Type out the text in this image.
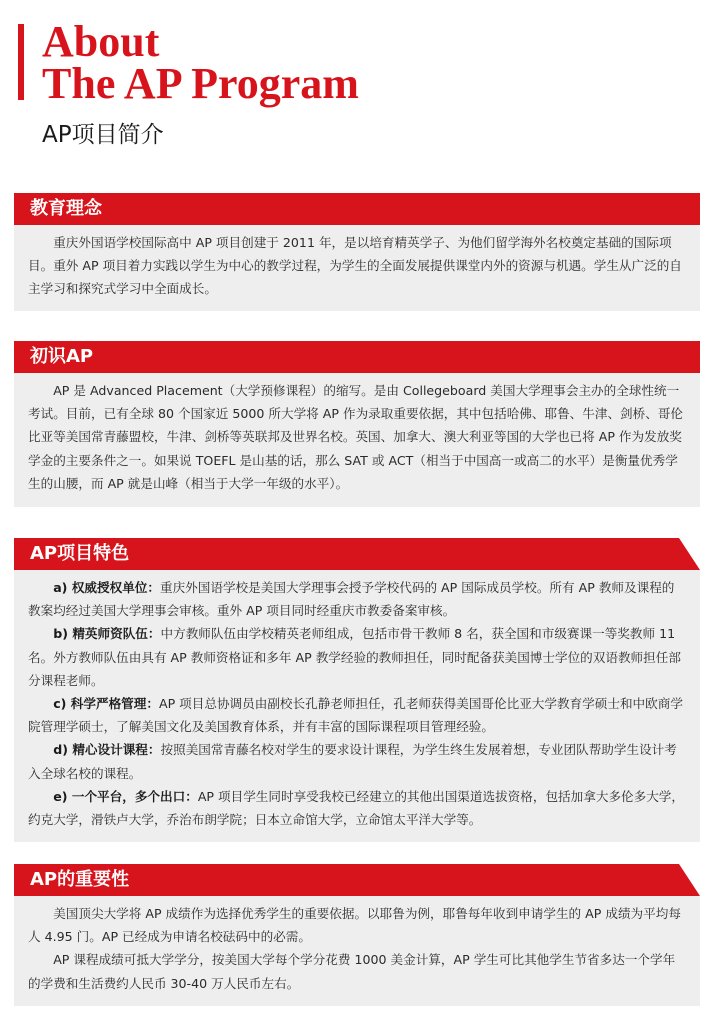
About
The AP Program
AP项目简介
教育理念

重庆外国语学校国际高中 AP 项目创建于 2011 年，是以培育精英学子、为他们留学海外名校奠定基础的国际项目。重外 AP 项目着力实践以学生为中心的教学过程，为学生的全面发展提供课堂内外的资源与机遇。学生从广泛的自主学习和探究式学习中全面成长。

初识AP

AP 是 Advanced Placement（大学预修课程）的缩写。是由 Collegeboard 美国大学理事会主办的全球性统一考试。目前，已有全球 80 个国家近 5000 所大学将 AP 作为录取重要依据，其中包括哈佛、耶鲁、牛津、剑桥、哥伦比亚等美国常青藤盟校，牛津、剑桥等英联邦及世界名校。英国、加拿大、澳大利亚等国的大学也已将 AP 作为发放奖学金的主要条件之一。如果说 TOEFL 是山基的话，那么 SAT 或 ACT（相当于中国高一或高二的水平）是衡量优秀学生的山腰，而 AP 就是山峰（相当于大学一年级的水平）。

AP项目特色

a) 权威授权单位：重庆外国语学校是美国大学理事会授予学校代码的 AP 国际成员学校。所有 AP 教师及课程的教案均经过美国大学理事会审核。重外 AP 项目同时经重庆市教委备案审核。

b) 精英师资队伍：中方教师队伍由学校精英老师组成，包括市骨干教师 8 名，获全国和市级赛课一等奖教师 11 名。外方教师队伍由具有 AP 教师资格证和多年 AP 教学经验的教师担任，同时配备获美国博士学位的双语教师担任部分课程老师。

c) 科学严格管理：AP 项目总协调员由副校长孔静老师担任，孔老师获得美国哥伦比亚大学教育学硕士和中欧商学院管理学硕士，了解美国文化及美国教育体系，并有丰富的国际课程项目管理经验。

d) 精心设计课程：按照美国常青藤名校对学生的要求设计课程，为学生终生发展着想，专业团队帮助学生设计考入全球名校的课程。

e) 一个平台，多个出口：AP 项目学生同时享受我校已经建立的其他出国渠道选拔资格，包括加拿大多伦多大学，约克大学，滑铁卢大学，乔治布朗学院；日本立命馆大学，立命馆太平洋大学等。

AP的重要性

美国顶尖大学将 AP 成绩作为选择优秀学生的重要依据。以耶鲁为例，耶鲁每年收到申请学生的 AP 成绩为平均每人 4.95 门。AP 已经成为申请名校砝码中的必需。

AP 课程成绩可抵大学学分，按美国大学每个学分花费 1000 美金计算，AP 学生可比其他学生节省多达一个学年的学费和生活费约人民币 30-40 万人民币左右。
